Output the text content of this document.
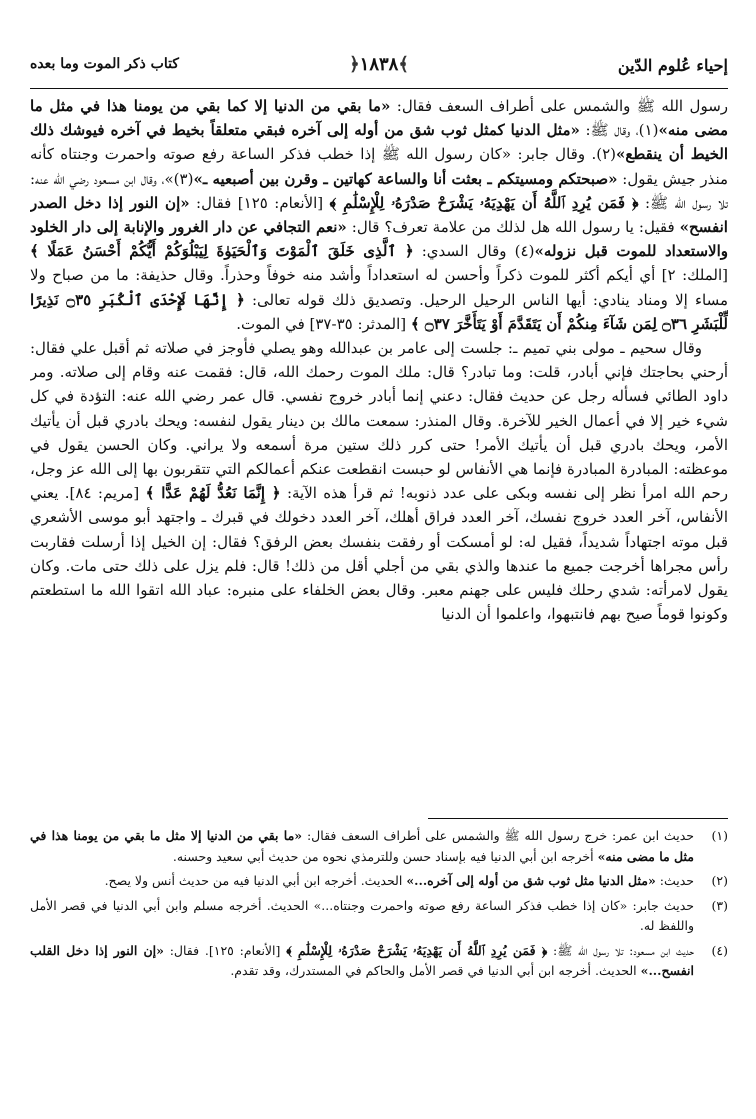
إحياء عُلوم الدّين
﴿١٨٣٨﴾
كتاب ذكر الموت وما بعده

رسول الله ﷺ والشمس على أطراف السعف فقال: «ما بقي من الدنيا إلا كما بقي من يومنا هذا في مثل ما مضى منه»(١)، وقال ﷺ: «مثل الدنيا كمثل ثوب شق من أوله إلى آخره فبقي متعلقاً بخيط في آخره فيوشك ذلك الخيط أن ينقطع»(٢). وقال جابر: «كان رسول الله ﷺ إذا خطب فذكر الساعة رفع صوته واحمرت وجنتاه كأنه منذر جيش يقول: «صبحتكم ومسيتكم ـ بعثت أنا والساعة كهاتين ـ وقرن بين أصبعيه ـ»(٣)»، وقال ابن مسعود رضي الله عنه: تلا رسول الله ﷺ: ﴿ فَمَن يُرِدِ ٱللَّهُ أَن يَهْدِيَهُۥ يَشْرَحْ صَدْرَهُۥ لِلْإِسْلَٰمِ ﴾ [الأنعام: ١٢٥] فقال: «إن النور إذا دخل الصدر انفسح» فقيل: يا رسول الله هل لذلك من علامة تعرف؟ قال: «نعم التجافي عن دار الغرور والإنابة إلى دار الخلود والاستعداد للموت قبل نزوله»(٤) وقال السدي: ﴿ ٱلَّذِى خَلَقَ ٱلْمَوْتَ وَٱلْحَيَوٰةَ لِيَبْلُوَكُمْ أَيُّكُمْ أَحْسَنُ عَمَلًا ﴾ [الملك: ٢] أي أيكم أكثر للموت ذكراً وأحسن له استعداداً وأشد منه خوفاً وحذراً. وقال حذيفة: ما من صباح ولا مساء إلا ومناد ينادي: أيها الناس الرحيل الرحيل. وتصديق ذلك قوله تعالى: ﴿ إِنَّهَا لَإِحْدَى ٱلْكُبَرِ ۝٣٥ نَذِيرًا لِّلْبَشَرِ ۝٣٦ لِمَن شَآءَ مِنكُمْ أَن يَتَقَدَّمَ أَوْ يَتَأَخَّرَ ۝٣٧ ﴾ [المدثر: ٣٥-٣٧] في الموت.

وقال سحيم ـ مولى بني تميم ـ: جلست إلى عامر بن عبدالله وهو يصلي فأوجز في صلاته ثم أقبل علي فقال: أرحني بحاجتك فإني أبادر، قلت: وما تبادر؟ قال: ملك الموت رحمك الله، قال: فقمت عنه وقام إلى صلاته. ومر داود الطائي فسأله رجل عن حديث فقال: دعني إنما أبادر خروج نفسي. قال عمر رضي الله عنه: التؤدة في كل شيء خير إلا في أعمال الخير للآخرة. وقال المنذر: سمعت مالك بن دينار يقول لنفسه: ويحك بادري قبل أن يأتيك الأمر، ويحك بادري قبل أن يأتيك الأمر! حتى كرر ذلك ستين مرة أسمعه ولا يراني. وكان الحسن يقول في موعظته: المبادرة المبادرة فإنما هي الأنفاس لو حبست انقطعت عنكم أعمالكم التي تتقربون بها إلى الله عز وجل، رحم الله امرأ نظر إلى نفسه وبكى على عدد ذنوبه! ثم قرأ هذه الآية: ﴿ إِنَّمَا نَعُدُّ لَهُمْ عَدًّا ﴾ [مريم: ٨٤]. يعني الأنفاس، آخر العدد خروج نفسك، آخر العدد فراق أهلك، آخر العدد دخولك في قبرك ـ واجتهد أبو موسى الأشعري قبل موته اجتهاداً شديداً، فقيل له: لو أمسكت أو رفقت بنفسك بعض الرفق؟ فقال: إن الخيل إذا أرسلت فقاربت رأس مجراها أخرجت جميع ما عندها والذي بقي من أجلي أقل من ذلك! قال: فلم يزل على ذلك حتى مات. وكان يقول لامرأته: شدي رحلك فليس على جهنم معبر. وقال بعض الخلفاء على منبره: عباد الله اتقوا الله ما استطعتم وكونوا قوماً صيح بهم فانتبهوا، واعلموا أن الدنيا

(١)
حديث ابن عمر: خرج رسول الله ﷺ والشمس على أطراف السعف فقال: «ما بقي من الدنيا إلا مثل ما بقي من يومنا هذا في مثل ما مضى منه» أخرجه ابن أبي الدنيا فيه بإسناد حسن وللترمذي نحوه من حديث أبي سعيد وحسنه.
(٢)
حديث: «مثل الدنيا مثل ثوب شق من أوله إلى آخره...» الحديث. أخرجه ابن أبي الدنيا فيه من حديث أنس ولا يصح.
(٣)
حديث جابر: «كان إذا خطب فذكر الساعة رفع صوته واحمرت وجنتاه...» الحديث. أخرجه مسلم وابن أبي الدنيا في قصر الأمل واللفظ له.
(٤)
حديث ابن مسعود: تلا رسول الله ﷺ: ﴿ فَمَن يُرِدِ ٱللَّهُ أَن يَهْدِيَهُۥ يَشْرَحْ صَدْرَهُۥ لِلْإِسْلَٰمِ ﴾ [الأنعام: ١٢٥]. فقال: «إن النور إذا دخل القلب انفسح...» الحديث. أخرجه ابن أبي الدنيا في قصر الأمل والحاكم في المستدرك، وقد تقدم.
